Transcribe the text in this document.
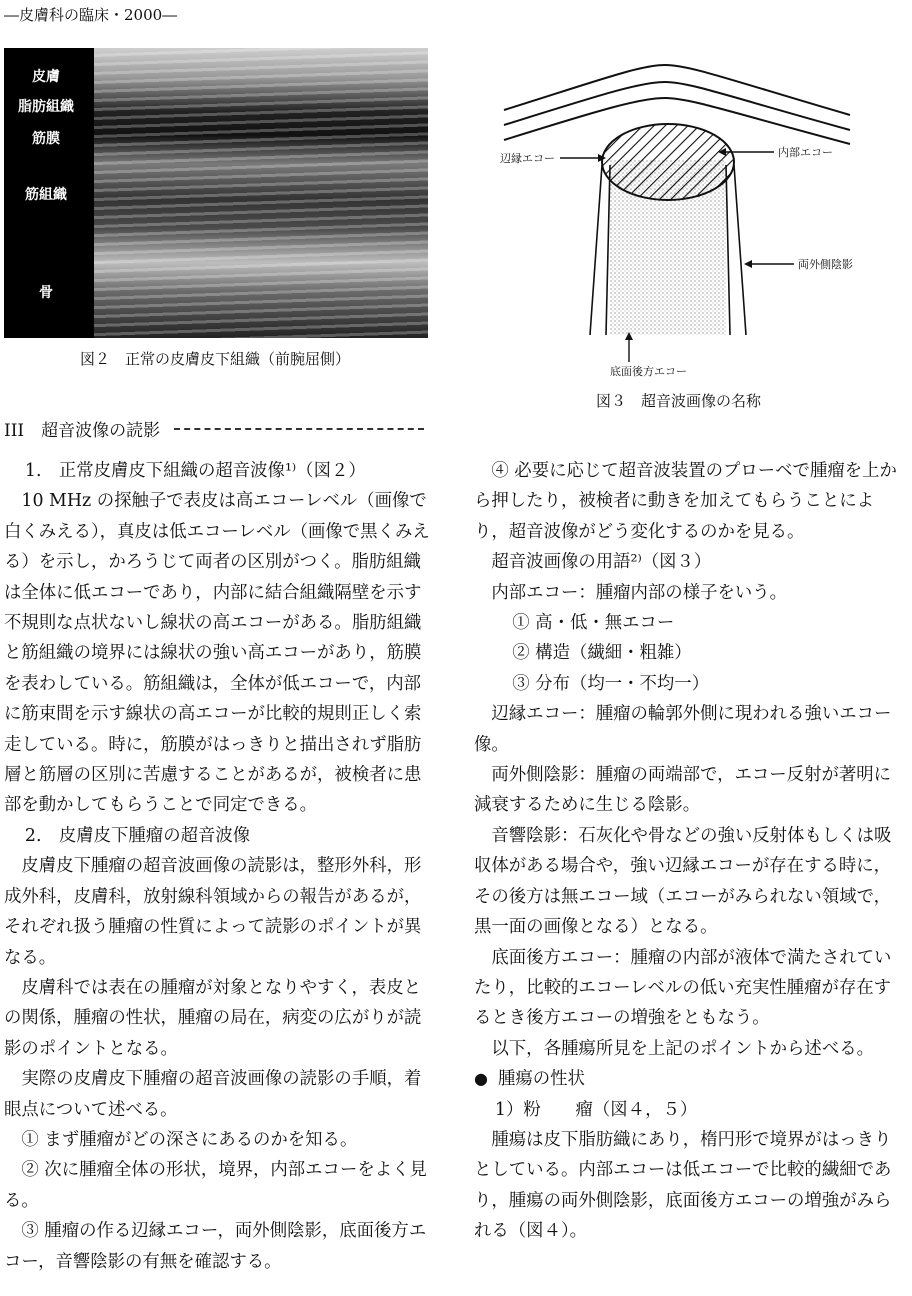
―皮膚科の臨床・2000―
皮膚
脂肪組織
筋膜
筋組織
骨
図２　正常の皮膚皮下組織（前腕屈側）
辺縁エコー	内部エコー
両外側陰影
底面後方エコー
図３　超音波画像の名称
III　超音波像の読影
1.　正常皮膚皮下組織の超音波像¹⁾（図２）

10 MHz の探触子で表皮は高エコーレベル（画像で白くみえる），真皮は低エコーレベル（画像で黒くみえる）を示し，かろうじて両者の区別がつく。脂肪組織は全体に低エコーであり，内部に結合組織隔壁を示す不規則な点状ないし線状の高エコーがある。脂肪組織と筋組織の境界には線状の強い高エコーがあり，筋膜を表わしている。筋組織は，全体が低エコーで，内部に筋束間を示す線状の高エコーが比較的規則正しく索走している。時に，筋膜がはっきりと描出されず脂肪層と筋層の区別に苦慮することがあるが，被検者に患部を動かしてもらうことで同定できる。

2.　皮膚皮下腫瘤の超音波像

皮膚皮下腫瘤の超音波画像の読影は，整形外科，形成外科，皮膚科，放射線科領域からの報告があるが，それぞれ扱う腫瘤の性質によって読影のポイントが異なる。

皮膚科では表在の腫瘤が対象となりやすく，表皮との関係，腫瘤の性状，腫瘤の局在，病変の広がりが読影のポイントとなる。

実際の皮膚皮下腫瘤の超音波画像の読影の手順，着眼点について述べる。

① まず腫瘤がどの深さにあるのかを知る。

② 次に腫瘤全体の形状，境界，内部エコーをよく見る。

③ 腫瘤の作る辺縁エコー，両外側陰影，底面後方エコー，音響陰影の有無を確認する。

④ 必要に応じて超音波装置のプローベで腫瘤を上から押したり，被検者に動きを加えてもらうことにより，超音波像がどう変化するのかを見る。

超音波画像の用語²⁾（図３）

内部エコー：腫瘤内部の様子をいう。

① 高・低・無エコー

② 構造（繊細・粗雑）

③ 分布（均一・不均一）

辺縁エコー：腫瘤の輪郭外側に現われる強いエコー像。

両外側陰影：腫瘤の両端部で，エコー反射が著明に減衰するために生じる陰影。

音響陰影：石灰化や骨などの強い反射体もしくは吸収体がある場合や，強い辺縁エコーが存在する時に，その後方は無エコー域（エコーがみられない領域で，黒一面の画像となる）となる。

底面後方エコー：腫瘤の内部が液体で満たされていたり，比較的エコーレベルの低い充実性腫瘤が存在するとき後方エコーの増強をともなう。

以下，各腫瘍所見を上記のポイントから述べる。

● 腫瘍の性状

1）粉　　瘤（図４，５）

腫瘍は皮下脂肪織にあり，楕円形で境界がはっきりとしている。内部エコーは低エコーで比較的繊細であり，腫瘍の両外側陰影，底面後方エコーの増強がみられる（図４）。
